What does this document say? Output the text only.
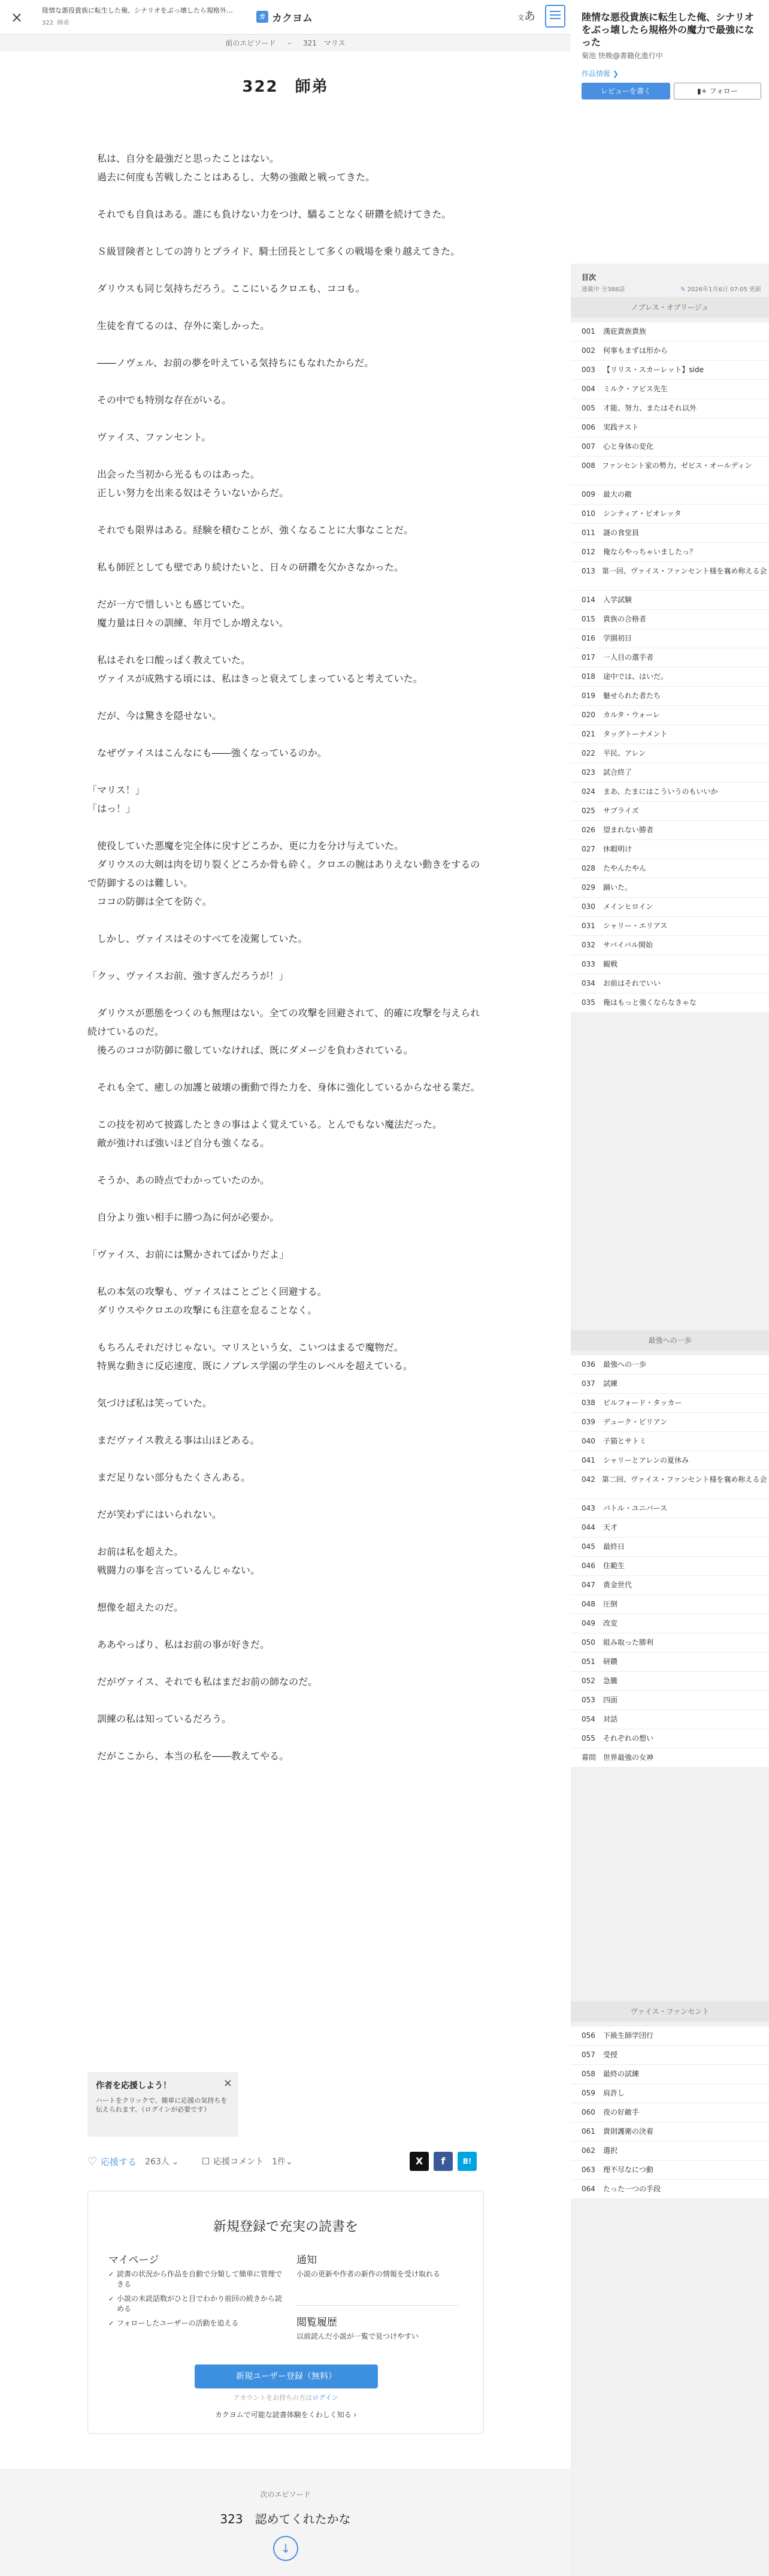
×	陸情な悪役貴族に転生した俺、シナリオをぶっ壊したら規格外…
322 師弟
カ カクヨム	文あ
前のエピソード – 321　マリス
322　師弟

　私は、自分を最強だと思ったことはない。

　過去に何度も苦戦したことはあるし、大勢の強敵と戦ってきた。

　それでも自負はある。誰にも負けない力をつけ、驕ることなく研鑽を続けてきた。

　Ｓ級冒険者としての誇りとプライド、騎士団長として多くの戦場を乗り越えてきた。

　ダリウスも同じ気持ちだろう。ここにいるクロエも、ココも。

　生徒を育てるのは、存外に楽しかった。

　――ノヴェル、お前の夢を叶えている気持ちにもなれたからだ。

　その中でも特別な存在がいる。

　ヴァイス、ファンセント。

　出会った当初から光るものはあった。

　正しい努力を出来る奴はそういないからだ。

　それでも限界はある。経験を積むことが、強くなることに大事なことだ。

　私も師匠としても壁であり続けたいと、日々の研鑽を欠かさなかった。

　だが一方で惜しいとも感じていた。

　魔力量は日々の訓練、年月でしか増えない。

　私はそれを口酸っぱく教えていた。

　ヴァイスが成熟する頃には、私はきっと衰えてしまっていると考えていた。

　だが、今は驚きを隠せない。

　なぜヴァイスはこんなにも――強くなっているのか。

「マリス！」

「はっ！」

　使役していた悪魔を完全体に戻すどころか、更に力を分け与えていた。

　ダリウスの大剣は肉を切り裂くどころか骨も砕く。クロエの腕はありえない動きをするので防御するのは難しい。

　ココの防御は全てを防ぐ。

　しかし、ヴァイスはそのすべてを凌駕していた。

「クッ、ヴァイスお前、強すぎんだろうが！」

　ダリウスが悪態をつくのも無理はない。全ての攻撃を回避されて、的確に攻撃を与えられ続けているのだ。

　後ろのココが防御に徹していなければ、既にダメージを負わされている。

　それも全て、癒しの加護と破壊の衝動で得た力を、身体に強化しているからなせる業だ。

　この技を初めて披露したときの事はよく覚えている。とんでもない魔法だった。

　敵が強ければ強いほど自分も強くなる。

　そうか、あの時点でわかっていたのか。

　自分より強い相手に勝つ為に何が必要か。

「ヴァイス、お前には驚かされてばかりだよ」

　私の本気の攻撃も、ヴァイスはことごとく回避する。

　ダリウスやクロエの攻撃にも注意を怠ることなく。

　もちろんそれだけじゃない。マリスという女、こいつはまるで魔物だ。

　特異な動きに反応速度、既にノブレス学園の学生のレベルを超えている。

　気づけば私は笑っていた。

　まだヴァイス教える事は山ほどある。

　まだ足りない部分もたくさんある。

　だが笑わずにはいられない。

　お前は私を超えた。

　戦闘力の事を言っているんじゃない。

　想像を超えたのだ。

　ああやっぱり、私はお前の事が好きだ。

　だがヴァイス、それでも私はまだお前の師なのだ。

　訓練の私は知っているだろう。

　だがここから、本当の私を――教えてやる。

作者を応援しよう！

ハートをクリックで、簡単に応援の気持ちを伝えられます。（ログインが必要です）

×
♡ 応援する 263人 ⌄	☐ 応援コメント 1件⌄	X	f	B!
新規登録で充実の読書を
マイページ
✓ 読書の状況から作品を自動で分類して簡単に管理できる
✓ 小説の未読話数がひと目でわかり前回の続きから読める
✓ フォローしたユーザーの活動を追える
通知
小説の更新や作者の新作の情報を受け取れる
閲覧履歴
以前読んだ小説が一覧で見つけやすい
新規ユーザー登録（無料）
アカウントをお持ちの方はログイン
カクヨムで可能な読書体験をくわしく知る ›
次のエピソード
323　認めてくれたかな
↓
陸情な悪役貴族に転生した俺、シナリオをぶっ壊したら規格外の魔力で最強になった
菊池 快晩@書籍化進行中
作品情報 ❯
レビューを書く	▮+ フォロー
目次
連載中 全388話	✎ 2026年1月6日 07:05 更新
ノブレス・オブリージュ
001 漢庇貴族貴族
002 何事もまずは形から
003 【リリス・スカーレット】side
004 ミルク・アビス先生
005 才能、努力、またはそれ以外
006 実践テスト
007 心と身体の変化
008 ファンセント家の勢力、ゼビス・オールディン
009 最大の敵
010 シンティア・ビオレッタ
011 謎の食堂員
012 俺ならやっちゃいましたっ？
013 第一回、ヴァイス・ファンセント様を襄め称える会
014 入学試験
015 貴族の合格者
016 学園初日
017 一人目の選手者
018 途中では、はいだ。
019 魅せられた者たち
020 カルタ・ウォーレ
021 タッグトーナメント
022 平民、アレン
023 試合終了
024 まあ、たまにはこういうのもいいか
025 サプライズ
026 望まれない勝者
027 休暇明け
028 たやんたやん
029 踊いた。
030 メインヒロイン
031 シャリー・エリアス
032 サバイバル開始
033 観戦
034 お前はそれでいい
035 俺はもっと強くならなきゃな
最強への一歩
036 最強への一歩
037 試練
038 ビルフォード・タッカー
039 デューク・ビリアン
040 子猫とサトミ
041 シャリーとアレンの夏休み
042 第二回、ヴァイス・ファンセント様を襄め称える会
043 バトル・ユニバース
044 天才
045 最終日
046 住範生
047 黄金世代
048 圧倒
049 改変
050 組み取った勝利
051 研鑽
052 急騰
053 四面
054 対話
055 それぞれの想い
幕間 世界最強の女神
ヴァイス・ファンセント
056 下級生師学団行
057 受授
058 最終の試練
059 肩許し
060 夜の好敵手
061 貴則護衛の決着
062 選択
063 理不尽なにつ動
064 たった一つの手段
